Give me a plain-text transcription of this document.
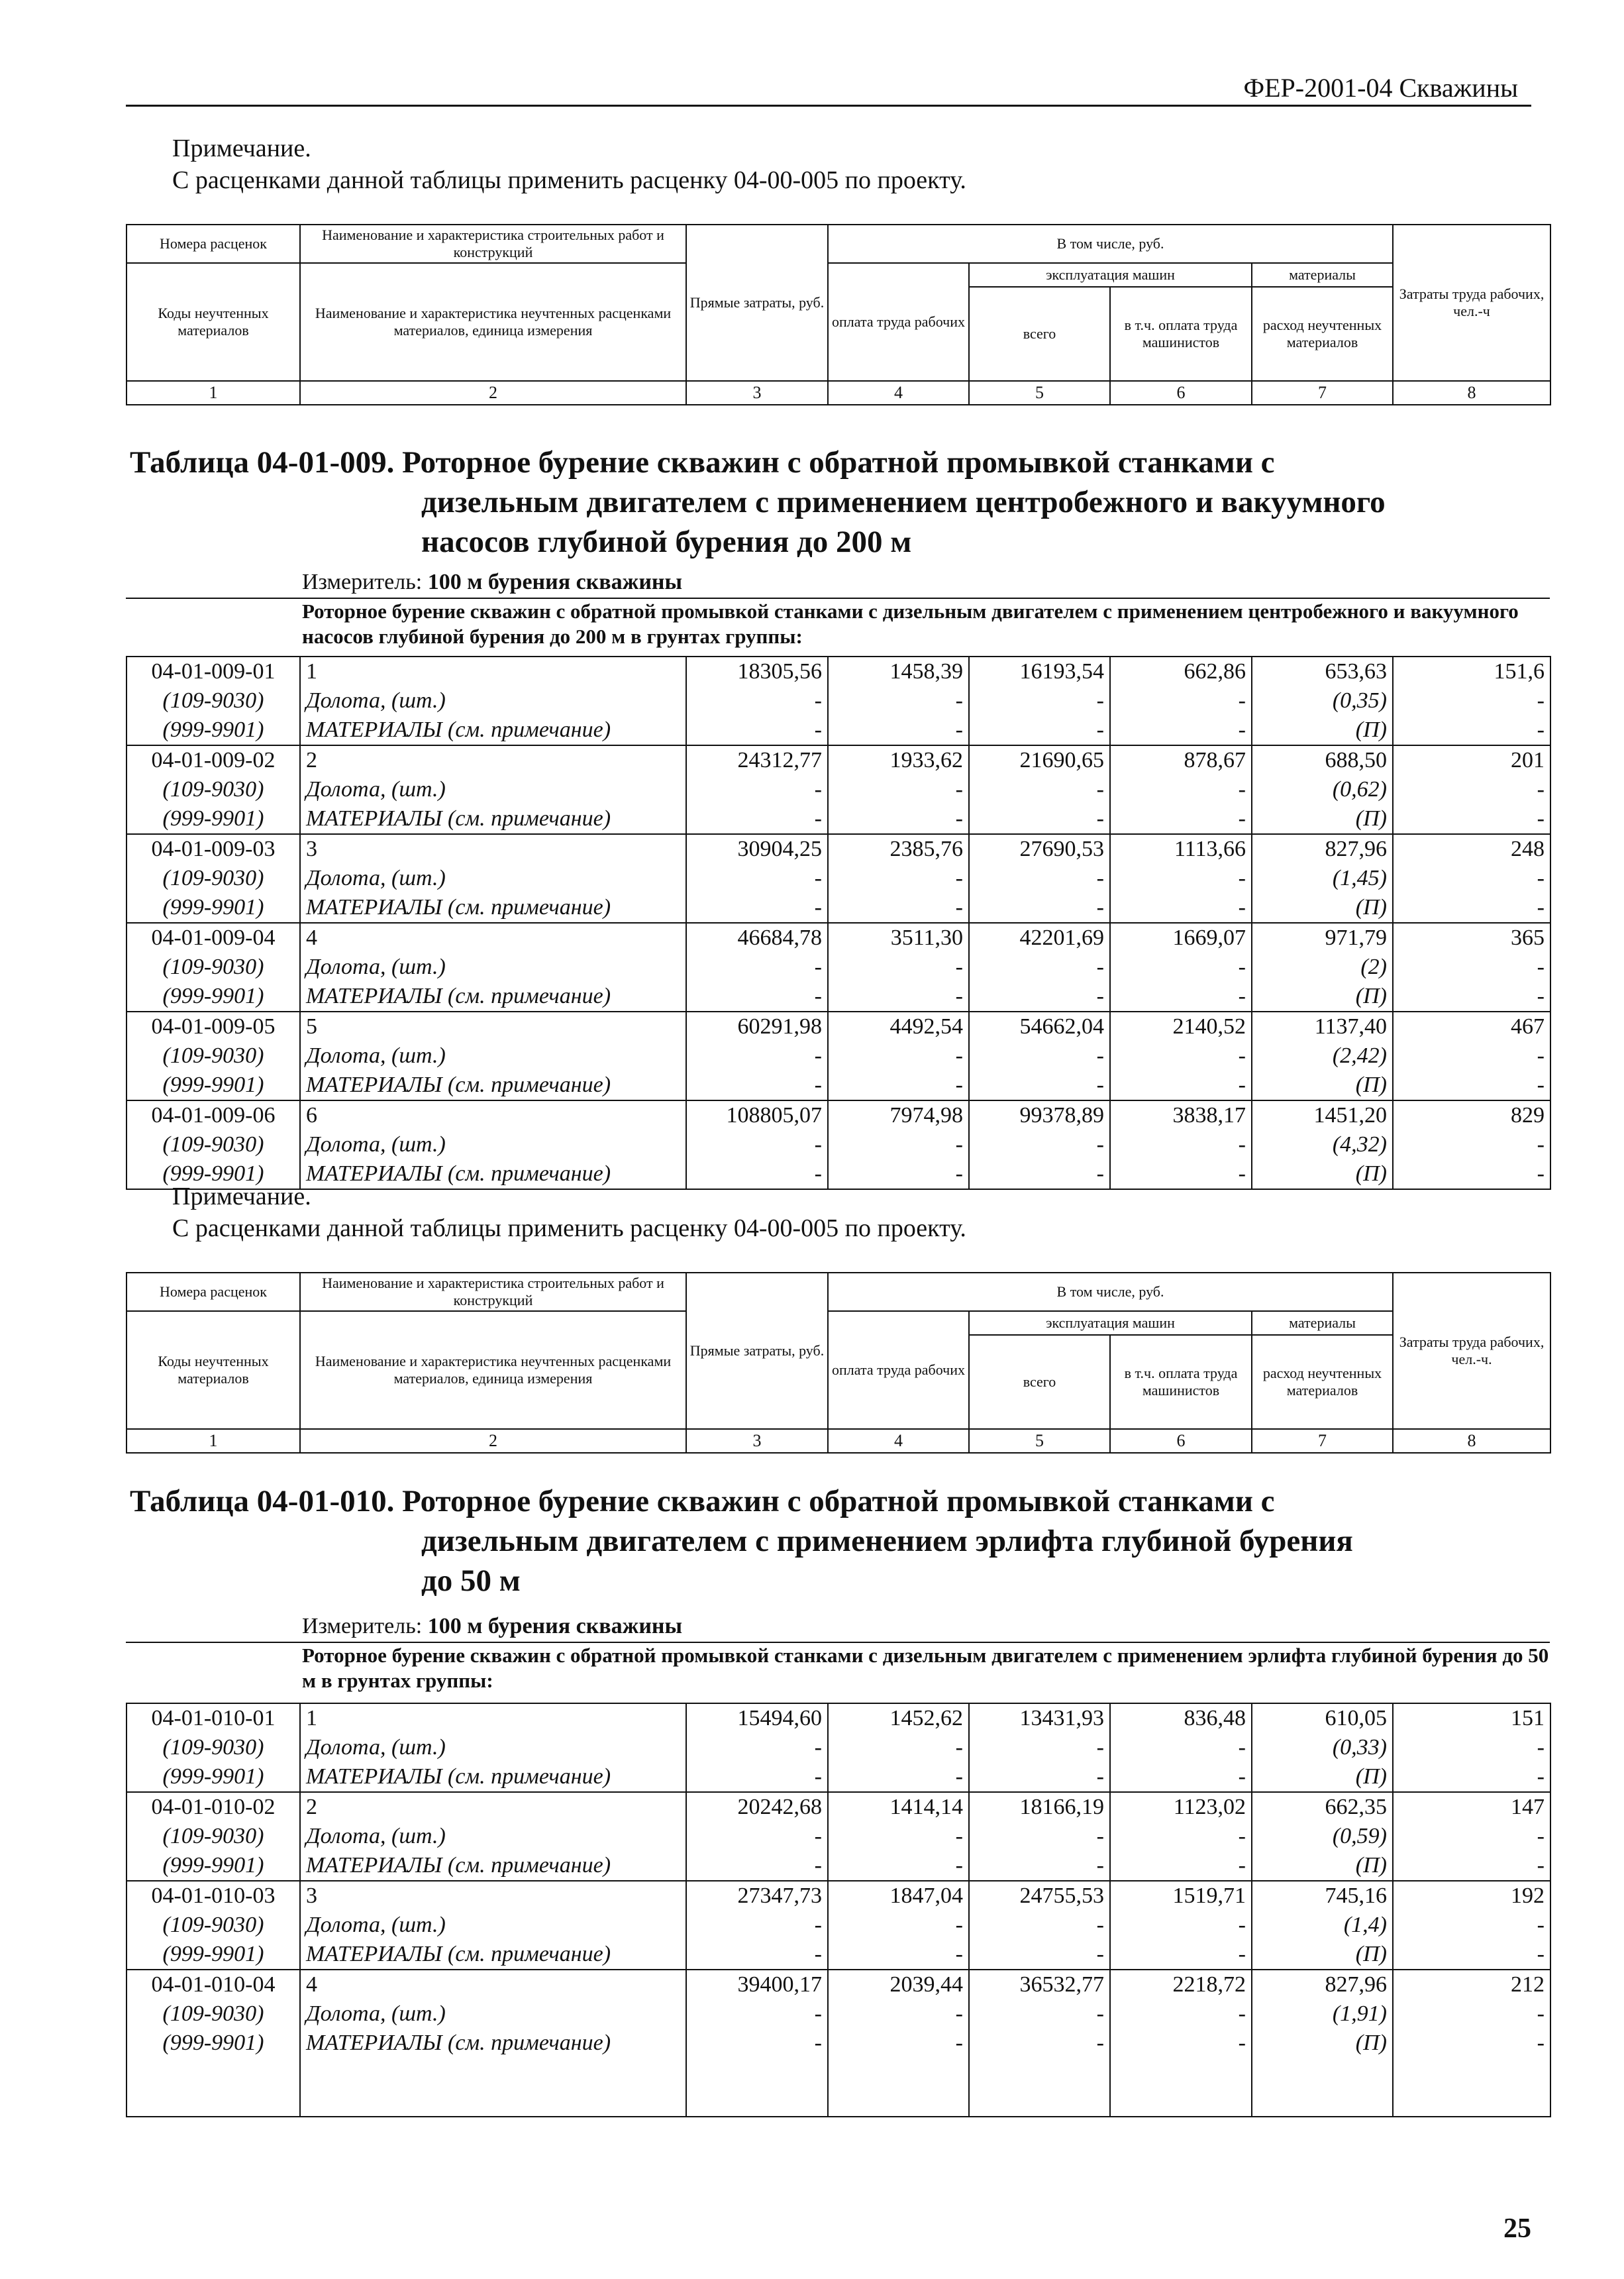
ФЕР-2001-04 Скважины
Примечание.
С расценками данной таблицы применить расценку 04-00-005 по проекту.
Номера расценок	Наименование и характеристика строительных работ и конструкций	Прямые затраты, руб.	В том числе, руб.				Затраты труда рабочих, чел.-ч
Коды неучтенных материалов	Наименование и характеристика неучтенных расценками материалов, единица измерения		оплата труда рабочих	эксплуатация машин		материалы	
				всего	в т.ч. оплата труда машинистов	расход неучтенных материалов	
1	2	3	4	5	6	7	8
Таблица 04-01-009. Роторное бурение скважин с обратной промывкой станками с
дизельным двигателем с применением центробежного и вакуумного
насосов глубиной бурения до 200 м
Измеритель: 100 м бурения скважины
Роторное бурение скважин с обратной промывкой станками с дизельным двигателем с применением центробежного и вакуумного насосов глубиной бурения до 200 м в грунтах группы:
04-01-009-01	1	18305,56	1458,39	16193,54	662,86	653,63	151,6
(109-9030)	Долота, (шт.)	-	-	-	-	(0,35)	-
(999-9901)	МАТЕРИАЛЫ (см. примечание)	-	-	-	-	(П)	-
04-01-009-02	2	24312,77	1933,62	21690,65	878,67	688,50	201
(109-9030)	Долота, (шт.)	-	-	-	-	(0,62)	-
(999-9901)	МАТЕРИАЛЫ (см. примечание)	-	-	-	-	(П)	-
04-01-009-03	3	30904,25	2385,76	27690,53	1113,66	827,96	248
(109-9030)	Долота, (шт.)	-	-	-	-	(1,45)	-
(999-9901)	МАТЕРИАЛЫ (см. примечание)	-	-	-	-	(П)	-
04-01-009-04	4	46684,78	3511,30	42201,69	1669,07	971,79	365
(109-9030)	Долота, (шт.)	-	-	-	-	(2)	-
(999-9901)	МАТЕРИАЛЫ (см. примечание)	-	-	-	-	(П)	-
04-01-009-05	5	60291,98	4492,54	54662,04	2140,52	1137,40	467
(109-9030)	Долота, (шт.)	-	-	-	-	(2,42)	-
(999-9901)	МАТЕРИАЛЫ (см. примечание)	-	-	-	-	(П)	-
04-01-009-06	6	108805,07	7974,98	99378,89	3838,17	1451,20	829
(109-9030)	Долота, (шт.)	-	-	-	-	(4,32)	-
(999-9901)	МАТЕРИАЛЫ (см. примечание)	-	-	-	-	(П)	-
Примечание.
С расценками данной таблицы применить расценку 04-00-005 по проекту.
Номера расценок	Наименование и характеристика строительных работ и конструкций	Прямые затраты, руб.	В том числе, руб.				Затраты труда рабочих, чел.-ч.
Коды неучтенных материалов	Наименование и характеристика неучтенных расценками материалов, единица измерения		оплата труда рабочих	эксплуатация машин		материалы	
				всего	в т.ч. оплата труда машинистов	расход неучтенных материалов	
1	2	3	4	5	6	7	8
Таблица 04-01-010. Роторное бурение скважин с обратной промывкой станками с
дизельным двигателем с применением эрлифта глубиной бурения
до 50 м
Измеритель: 100 м бурения скважины
Роторное бурение скважин с обратной промывкой станками с дизельным двигателем с применением эрлифта глубиной бурения до 50 м в грунтах группы:
04-01-010-01	1	15494,60	1452,62	13431,93	836,48	610,05	151
(109-9030)	Долота, (шт.)	-	-	-	-	(0,33)	-
(999-9901)	МАТЕРИАЛЫ (см. примечание)	-	-	-	-	(П)	-
04-01-010-02	2	20242,68	1414,14	18166,19	1123,02	662,35	147
(109-9030)	Долота, (шт.)	-	-	-	-	(0,59)	-
(999-9901)	МАТЕРИАЛЫ (см. примечание)	-	-	-	-	(П)	-
04-01-010-03	3	27347,73	1847,04	24755,53	1519,71	745,16	192
(109-9030)	Долота, (шт.)	-	-	-	-	(1,4)	-
(999-9901)	МАТЕРИАЛЫ (см. примечание)	-	-	-	-	(П)	-
04-01-010-04	4	39400,17	2039,44	36532,77	2218,72	827,96	212
(109-9030)	Долота, (шт.)	-	-	-	-	(1,91)	-
(999-9901)	МАТЕРИАЛЫ (см. примечание)	-	-	-	-	(П)	-

25
